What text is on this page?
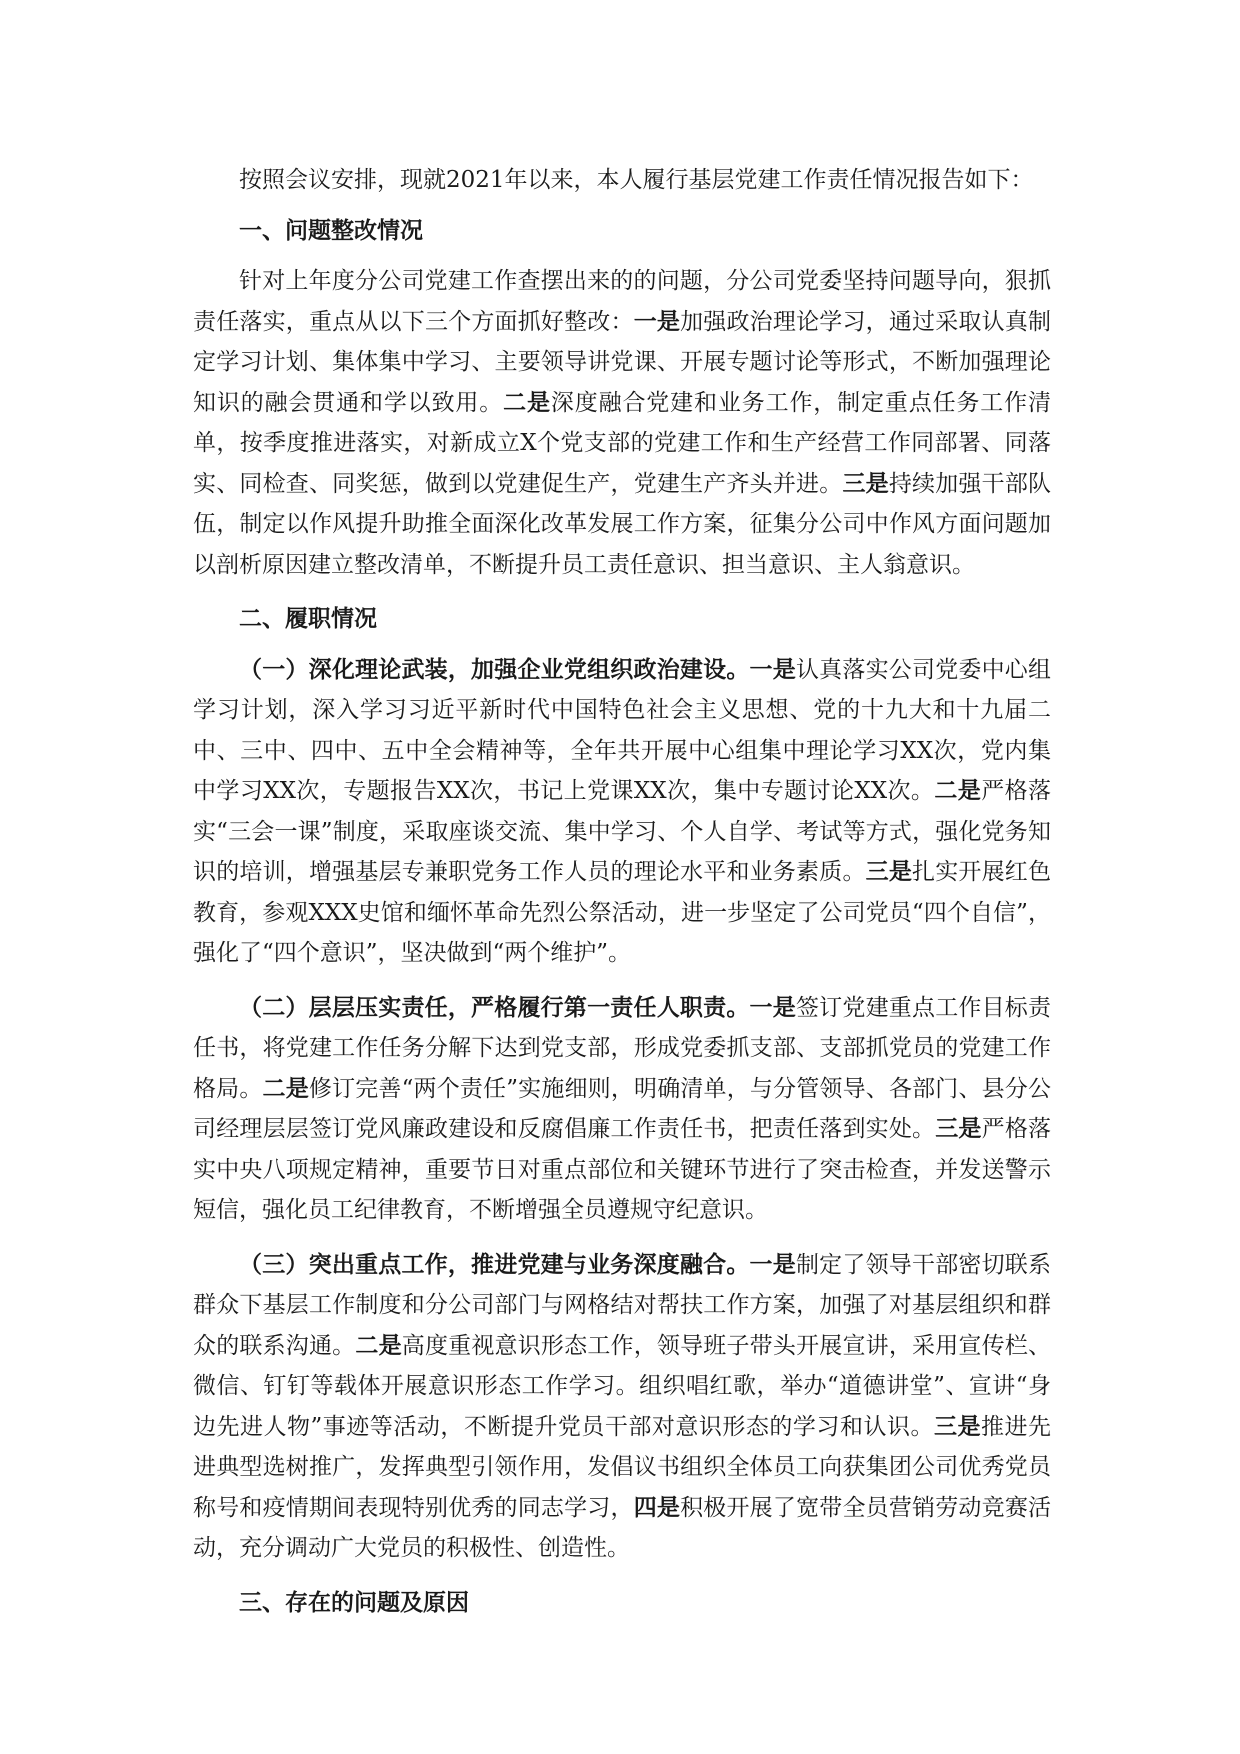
按照会议安排，现就2021年以来，本人履行基层党建工作责任情况报告如下：

一、问题整改情况

针对上年度分公司党建工作查摆出来的的问题，分公司党委坚持问题导向，狠抓责任落实，重点从以下三个方面抓好整改：一是加强政治理论学习，通过采取认真制定学习计划、集体集中学习、主要领导讲党课、开展专题讨论等形式，不断加强理论知识的融会贯通和学以致用。二是深度融合党建和业务工作，制定重点任务工作清单，按季度推进落实，对新成立X个党支部的党建工作和生产经营工作同部署、同落实、同检查、同奖惩，做到以党建促生产，党建生产齐头并进。三是持续加强干部队伍，制定以作风提升助推全面深化改革发展工作方案，征集分公司中作风方面问题加以剖析原因建立整改清单，不断提升员工责任意识、担当意识、主人翁意识。

二、履职情况

（一）深化理论武装，加强企业党组织政治建设。一是认真落实公司党委中心组学习计划，深入学习习近平新时代中国特色社会主义思想、党的十九大和十九届二中、三中、四中、五中全会精神等，全年共开展中心组集中理论学习XX次，党内集中学习XX次，专题报告XX次，书记上党课XX次，集中专题讨论XX次。二是严格落实“三会一课”制度，采取座谈交流、集中学习、个人自学、考试等方式，强化党务知识的培训，增强基层专兼职党务工作人员的理论水平和业务素质。三是扎实开展红色教育，参观XXX史馆和缅怀革命先烈公祭活动，进一步坚定了公司党员“四个自信”，强化了“四个意识”，坚决做到“两个维护”。

（二）层层压实责任，严格履行第一责任人职责。一是签订党建重点工作目标责任书，将党建工作任务分解下达到党支部，形成党委抓支部、支部抓党员的党建工作格局。二是修订完善“两个责任”实施细则，明确清单，与分管领导、各部门、县分公司经理层层签订党风廉政建设和反腐倡廉工作责任书，把责任落到实处。三是严格落实中央八项规定精神，重要节日对重点部位和关键环节进行了突击检查，并发送警示短信，强化员工纪律教育，不断增强全员遵规守纪意识。

（三）突出重点工作，推进党建与业务深度融合。一是制定了领导干部密切联系群众下基层工作制度和分公司部门与网格结对帮扶工作方案，加强了对基层组织和群众的联系沟通。二是高度重视意识形态工作，领导班子带头开展宣讲，采用宣传栏、微信、钉钉等载体开展意识形态工作学习。组织唱红歌，举办“道德讲堂”、宣讲“身边先进人物”事迹等活动，不断提升党员干部对意识形态的学习和认识。三是推进先进典型选树推广，发挥典型引领作用，发倡议书组织全体员工向获集团公司优秀党员称号和疫情期间表现特别优秀的同志学习，四是积极开展了宽带全员营销劳动竞赛活动，充分调动广大党员的积极性、创造性。

三、存在的问题及原因
